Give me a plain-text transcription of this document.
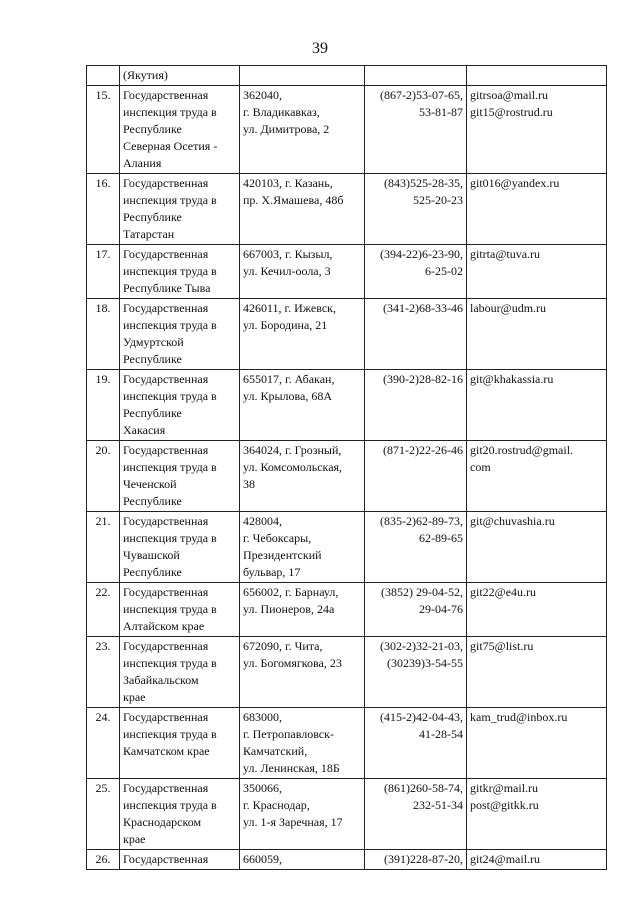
39
	(Якутия)			
15.	Государственная
инспекция труда в
Республике
Северная Осетия -
Алания	362040,
г. Владикавказ,
ул. Димитрова, 2	(867-2)53-07-65,
53-81-87	gitrsoa@mail.ru
git15@rostrud.ru
16.	Государственная
инспекция труда в
Республике
Татарстан	420103, г. Казань,
пр. Х.Ямашева, 48б	(843)525-28-35,
525-20-23	git016@yandex.ru
17.	Государственная
инспекция труда в
Республике Тыва	667003, г. Кызыл,
ул. Кечил-оола, 3	(394-22)6-23-90,
6-25-02	gitrta@tuva.ru
18.	Государственная
инспекция труда в
Удмуртской
Республике	426011, г. Ижевск,
ул. Бородина, 21	(341-2)68-33-46	labour@udm.ru
19.	Государственная
инспекция труда в
Республике
Хакасия	655017, г. Абакан,
ул. Крылова, 68А	(390-2)28-82-16	git@khakassia.ru
20.	Государственная
инспекция труда в
Чеченской
Республике	364024, г. Грозный,
ул. Комсомольская,
38	(871-2)22-26-46	git20.rostrud@gmail.
com
21.	Государственная
инспекция труда в
Чувашской
Республике	428004,
г. Чебоксары,
Президентский
бульвар, 17	(835-2)62-89-73,
62-89-65	git@chuvashia.ru
22.	Государственная
инспекция труда в
Алтайском крае	656002, г. Барнаул,
ул. Пионеров, 24а	(3852) 29-04-52,
29-04-76	git22@e4u.ru
23.	Государственная
инспекция труда в
Забайкальском
крае	672090, г. Чита,
ул. Богомягкова, 23	(302-2)32-21-03,
(30239)3-54-55	git75@list.ru
24.	Государственная
инспекция труда в
Камчатском крае	683000,
г. Петропавловск-
Камчатский,
ул. Ленинская, 18Б	(415-2)42-04-43,
41-28-54	kam_trud@inbox.ru
25.	Государственная
инспекция труда в
Краснодарском
крае	350066,
г. Краснодар,
ул. 1-я Заречная, 17	(861)260-58-74,
232-51-34	gitkr@mail.ru
post@gitkk.ru
26.	Государственная	660059,	(391)228-87-20,	git24@mail.ru
